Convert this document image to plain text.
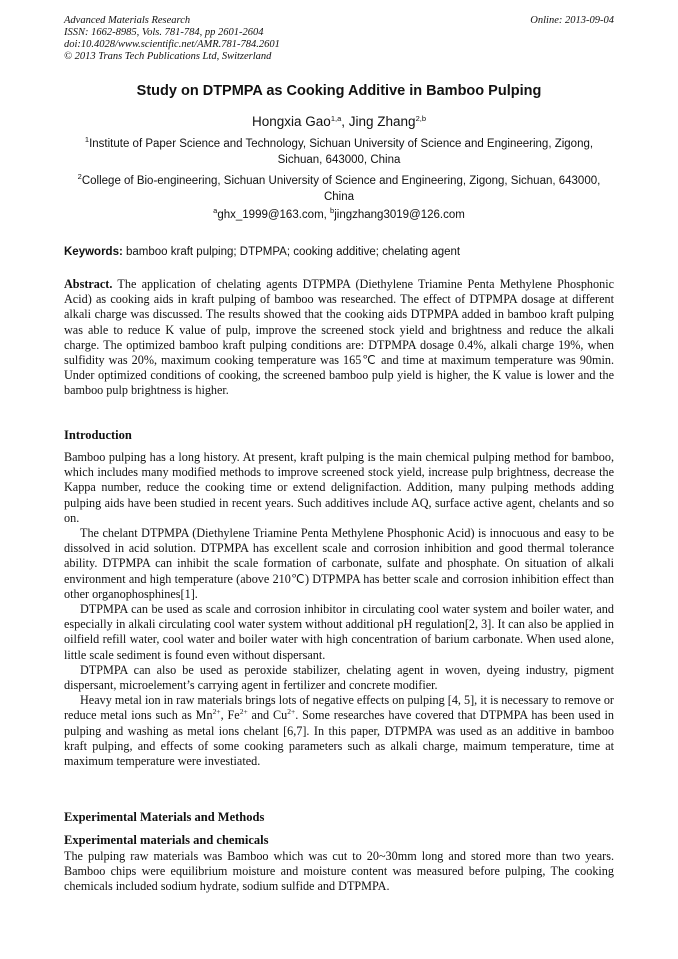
Advanced Materials Research
ISSN: 1662-8985, Vols. 781-784, pp 2601-2604
doi:10.4028/www.scientific.net/AMR.781-784.2601
© 2013 Trans Tech Publications Ltd, Switzerland
Online: 2013-09-04
Study on DTPMPA as Cooking Additive in Bamboo Pulping
Hongxia Gao$^{1,a}$, Jing Zhang$^{2,b}$
$^1$Institute of Paper Science and Technology, Sichuan University of Science and Engineering, Zigong, Sichuan, 643000, China
$^2$College of Bio-engineering, Sichuan University of Science and Engineering, Zigong, Sichuan, 643000, China
$^a$ghx_1999@163.com, $^b$jingzhang3019@126.com
Keywords: bamboo kraft pulping; DTPMPA; cooking additive; chelating agent

Abstract. The application of chelating agents DTPMPA (Diethylene Triamine Penta Methylene Phosphonic Acid) as cooking aids in kraft pulping of bamboo was researched. The effect of DTPMPA dosage at different alkali charge was discussed. The results showed that the cooking aids DTPMPA added in bamboo kraft pulping was able to reduce K value of pulp, improve the screened stock yield and brightness and reduce the alkali charge. The optimized bamboo kraft pulping conditions are: DTPMPA dosage 0.4%, alkali charge 19%, when sulfidity was 20%, maximum cooking temperature was 165℃ and time at maximum temperature was 90min. Under optimized conditions of cooking, the screened bamboo pulp yield is higher, the K value is lower and the bamboo pulp brightness is higher.

Introduction

Bamboo pulping has a long history. At present, kraft pulping is the main chemical pulping method for bamboo, which includes many modified methods to improve screened stock yield, increase pulp brightness, decrease the Kappa number, reduce the cooking time or extend delignifaction. Addition, many pulping methods adding pulping aids have been studied in recent years. Such additives include AQ, surface active agent, chelants and so on.

The chelant DTPMPA (Diethylene Triamine Penta Methylene Phosphonic Acid) is innocuous and easy to be dissolved in acid solution. DTPMPA has excellent scale and corrosion inhibition and good thermal tolerance ability. DTPMPA can inhibit the scale formation of carbonate, sulfate and phosphate. On situation of alkali environment and high temperature (above 210℃) DTPMPA has better scale and corrosion inhibition effect than other organophosphines[1].

DTPMPA can be used as scale and corrosion inhibitor in circulating cool water system and boiler water, and especially in alkali circulating cool water system without additional pH regulation[2, 3]. It can also be applied in oilfield refill water, cool water and boiler water with high concentration of barium carbonate. When used alone, little scale sediment is found even without dispersant.

DTPMPA can also be used as peroxide stabilizer, chelating agent in woven, dyeing industry, pigment dispersant, microelement’s carrying agent in fertilizer and concrete modifier.

Heavy metal ion in raw materials brings lots of negative effects on pulping [4, 5], it is necessary to remove or reduce metal ions such as $Mn^{2+}$, $Fe^{2+}$ and $Cu^{2+}$. Some researches have covered that DTPMPA has been used in pulping and washing as metal ions chelant [6,7]. In this paper, DTPMPA was used as an additive in bamboo kraft pulping, and effects of some cooking parameters such as alkali charge, maimum temperature, time at maximum temperature were investiated.

Experimental Materials and Methods
Experimental materials and chemicals

The pulping raw materials was Bamboo which was cut to 20~30mm long and stored more than two years. Bamboo chips were equilibrium moisture and moisture content was measured before pulping, The cooking chemicals included sodium hydrate, sodium sulfide and DTPMPA.
